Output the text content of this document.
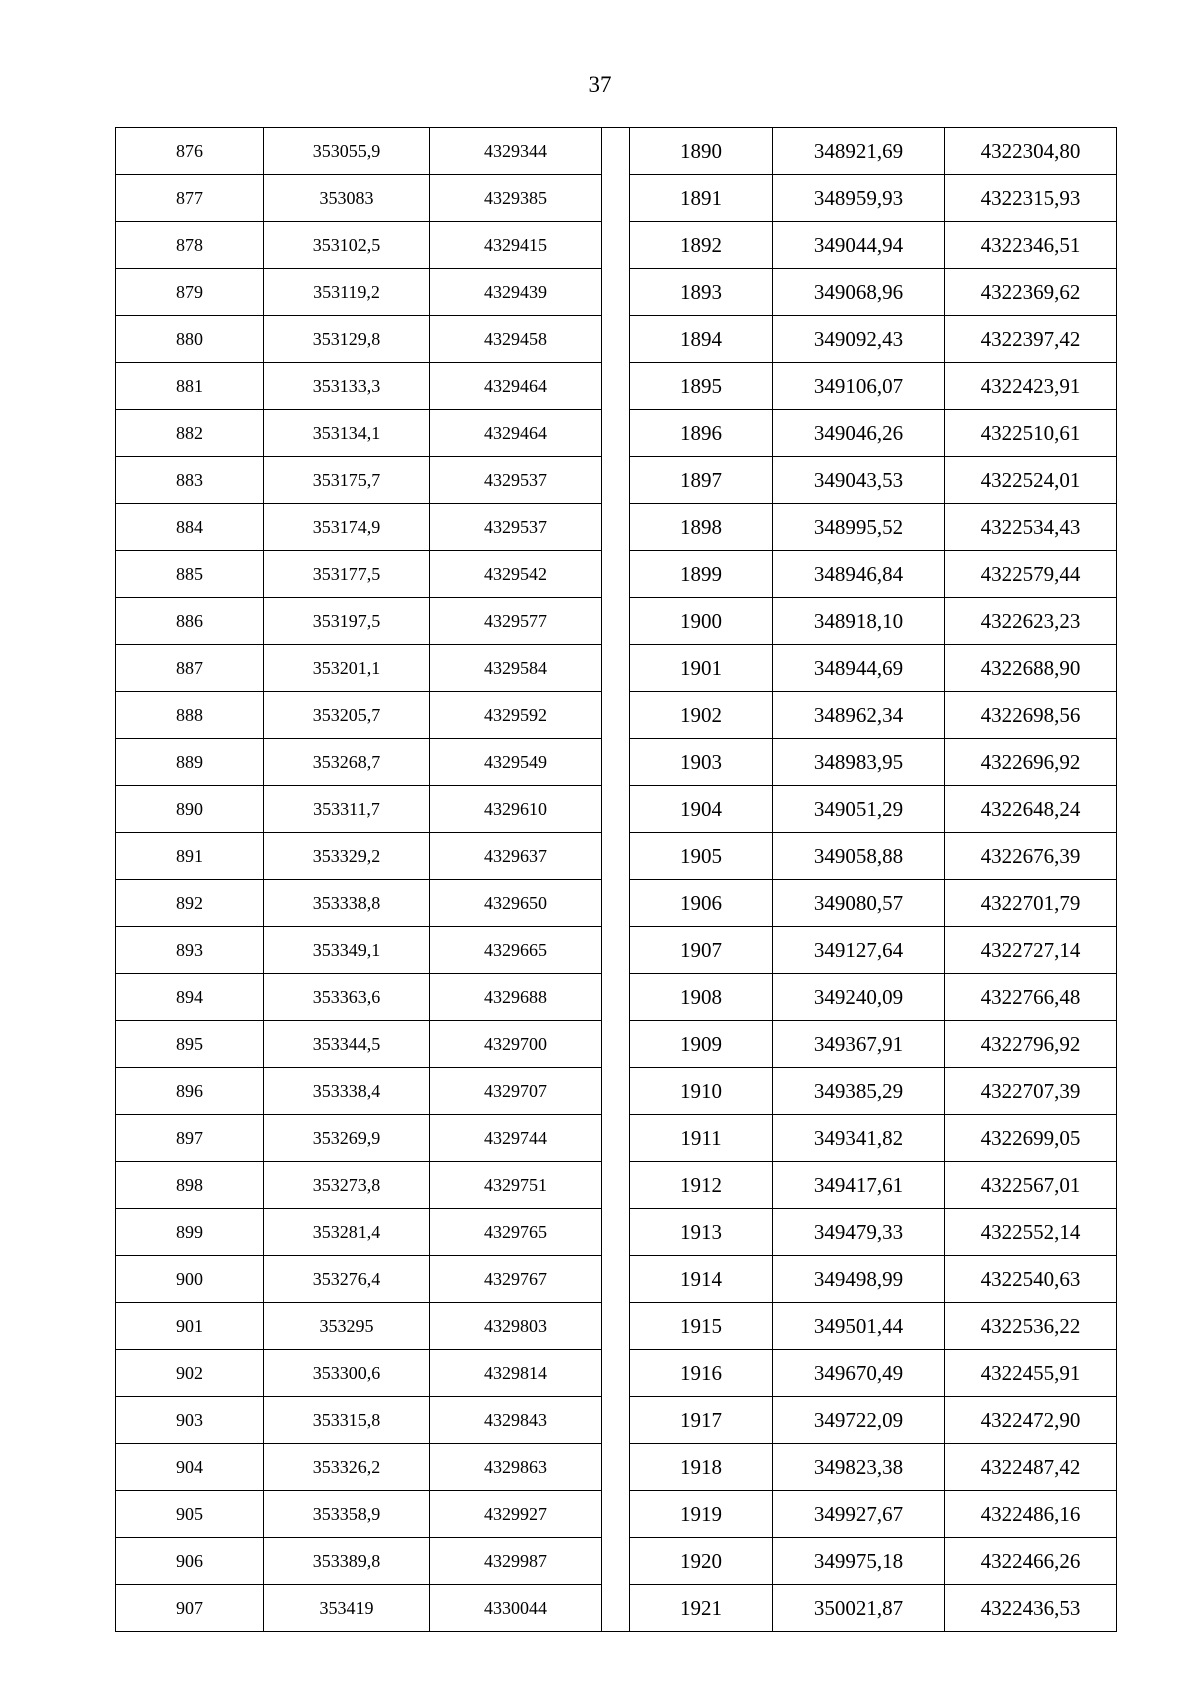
37
876	353055,9	4329344		1890	348921,69	4322304,80
877	353083	4329385		1891	348959,93	4322315,93
878	353102,5	4329415		1892	349044,94	4322346,51
879	353119,2	4329439		1893	349068,96	4322369,62
880	353129,8	4329458		1894	349092,43	4322397,42
881	353133,3	4329464		1895	349106,07	4322423,91
882	353134,1	4329464		1896	349046,26	4322510,61
883	353175,7	4329537		1897	349043,53	4322524,01
884	353174,9	4329537		1898	348995,52	4322534,43
885	353177,5	4329542		1899	348946,84	4322579,44
886	353197,5	4329577		1900	348918,10	4322623,23
887	353201,1	4329584		1901	348944,69	4322688,90
888	353205,7	4329592		1902	348962,34	4322698,56
889	353268,7	4329549		1903	348983,95	4322696,92
890	353311,7	4329610		1904	349051,29	4322648,24
891	353329,2	4329637		1905	349058,88	4322676,39
892	353338,8	4329650		1906	349080,57	4322701,79
893	353349,1	4329665		1907	349127,64	4322727,14
894	353363,6	4329688		1908	349240,09	4322766,48
895	353344,5	4329700		1909	349367,91	4322796,92
896	353338,4	4329707		1910	349385,29	4322707,39
897	353269,9	4329744		1911	349341,82	4322699,05
898	353273,8	4329751		1912	349417,61	4322567,01
899	353281,4	4329765		1913	349479,33	4322552,14
900	353276,4	4329767		1914	349498,99	4322540,63
901	353295	4329803		1915	349501,44	4322536,22
902	353300,6	4329814		1916	349670,49	4322455,91
903	353315,8	4329843		1917	349722,09	4322472,90
904	353326,2	4329863		1918	349823,38	4322487,42
905	353358,9	4329927		1919	349927,67	4322486,16
906	353389,8	4329987		1920	349975,18	4322466,26
907	353419	4330044		1921	350021,87	4322436,53
